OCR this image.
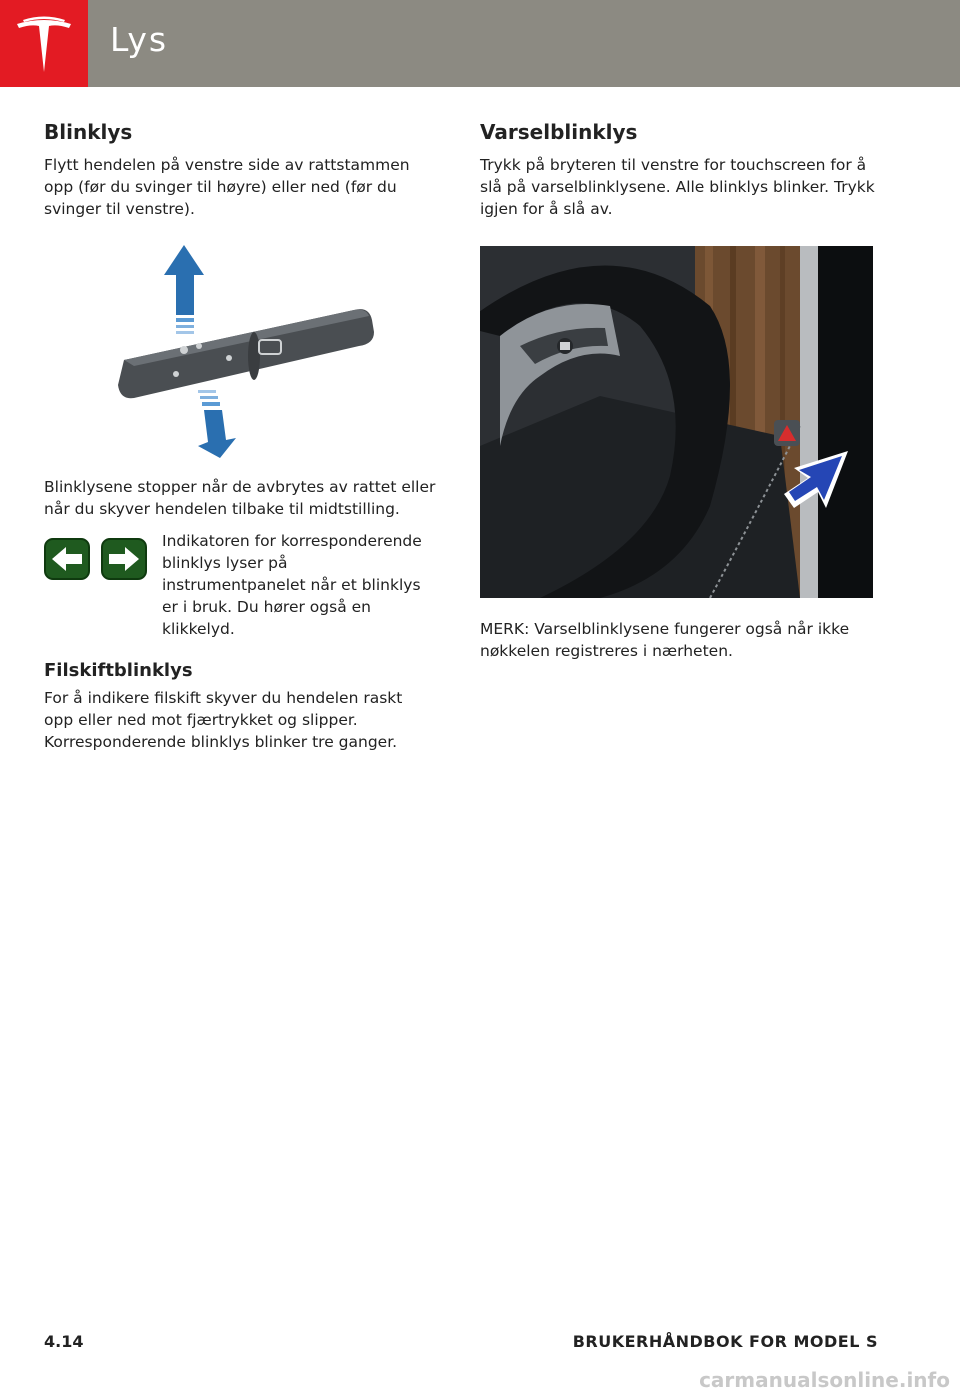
Lys
Blinklys

Flytt hendelen på venstre side av rattstammen opp (før du svinger til høyre) eller ned (før du svinger til venstre).

Blinklysene stopper når de avbrytes av rattet eller når du skyver hendelen tilbake til midtstilling.

Indikatoren for korresponderende blinklys lyser på instrumentpanelet når et blinklys er i bruk. Du hører også en klikkelyd.

Filskiftblinklys

For å indikere filskift skyver du hendelen raskt opp eller ned mot fjærtrykket og slipper. Korresponderende blinklys blinker tre ganger.

Varselblinklys

Trykk på bryteren til venstre for touchscreen for å slå på varselblinklysene. Alle blinklys blinker. Trykk igjen for å slå av.

MERK: Varselblinklysene fungerer også når ikke nøkkelen registreres i nærheten.

4.14	BRUKERHÅNDBOK FOR MODEL S
carmanualsonline.info
